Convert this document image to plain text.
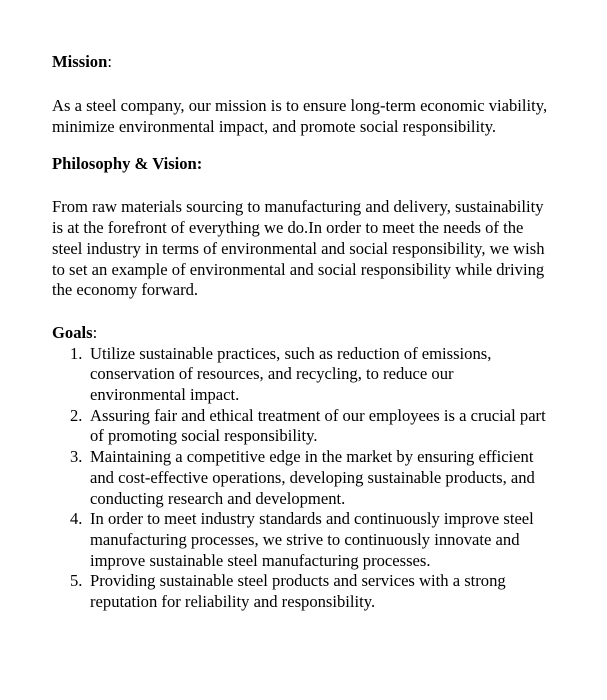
Mission:

As a steel company, our mission is to ensure long-term economic viability, minimize environmental impact, and promote social responsibility.

Philosophy & Vision:

From raw materials sourcing to manufacturing and delivery, sustainability is at the forefront of everything we do.In order to meet the needs of the steel industry in terms of environmental and social responsibility, we wish to set an example of environmental and social responsibility while driving the economy forward.

Goals:
1. Utilize sustainable practices, such as reduction of emissions, conservation of resources, and recycling, to reduce our environmental impact.
2. Assuring fair and ethical treatment of our employees is a crucial part of promoting social responsibility.
3. Maintaining a competitive edge in the market by ensuring efficient and cost-effective operations, developing sustainable products, and conducting research and development.
4. In order to meet industry standards and continuously improve steel manufacturing processes, we strive to continuously innovate and improve sustainable steel manufacturing processes.
5. Providing sustainable steel products and services with a strong reputation for reliability and responsibility.
